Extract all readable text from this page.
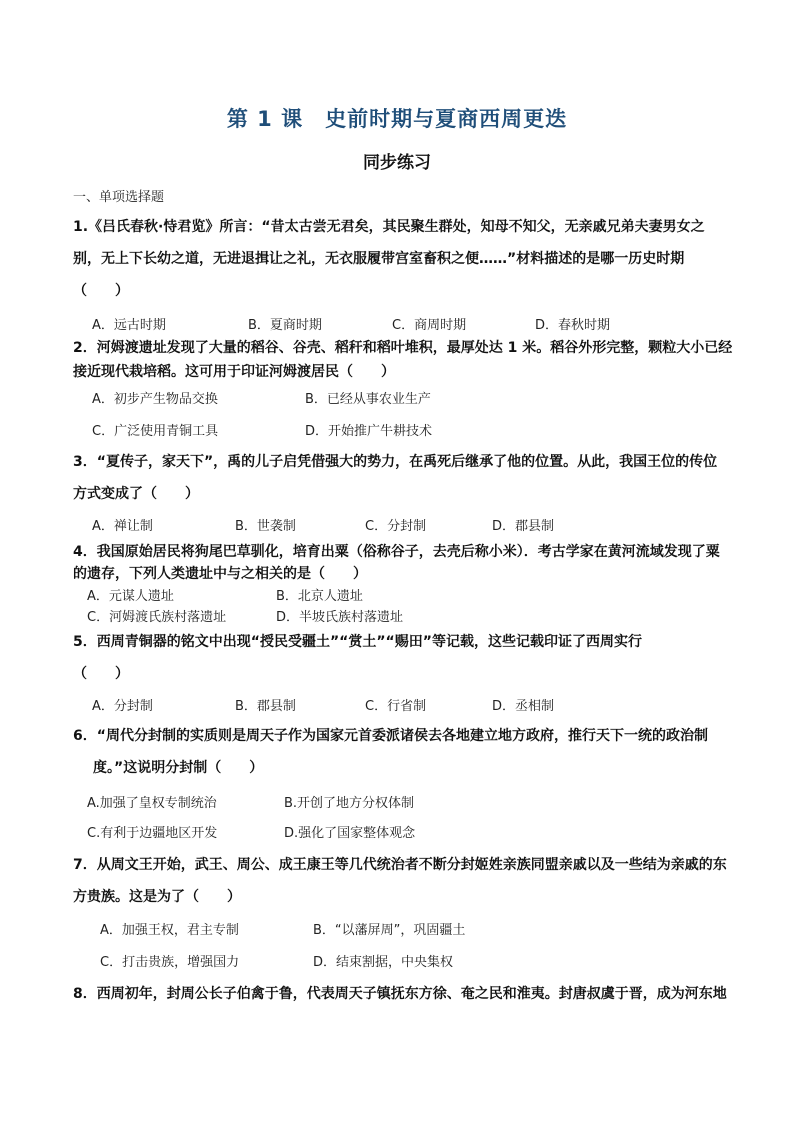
第 1 课　史前时期与夏商西周更迭
同步练习
一、单项选择题
1.《吕氏春秋·恃君览》所言：“昔太古尝无君矣，其民聚生群处，知母不知父，无亲戚兄弟夫妻男女之
别，无上下长幼之道，无进退揖让之礼，无衣服履带宫室畜积之便……”材料描述的是哪一历史时期
（　　）
A．远古时期	B．夏商时期	C．商周时期	D．春秋时期
2．河姆渡遗址发现了大量的稻谷、谷壳、稻秆和稻叶堆积，最厚处达 1 米。稻谷外形完整，颗粒大小已经
接近现代栽培稻。这可用于印证河姆渡居民（　　）
A．初步产生物品交换	B．已经从事农业生产
C．广泛使用青铜工具	D．开始推广牛耕技术
3．“夏传子，家天下”，禹的儿子启凭借强大的势力，在禹死后继承了他的位置。从此，我国王位的传位
方式变成了（　　）
A．禅让制	B．世袭制	C．分封制	D．郡县制
4．我国原始居民将狗尾巴草驯化，培育出粟（俗称谷子，去壳后称小米）．考古学家在黄河流域发现了粟
的遗存，下列人类遗址中与之相关的是（　　）
A．元谋人遗址	B．北京人遗址
C．河姆渡氏族村落遗址	D．半坡氏族村落遗址
5．西周青铜器的铭文中出现“授民受疆土”“赏土”“赐田”等记载，这些记载印证了西周实行
（　　）
A．分封制	B．郡县制	C．行省制	D．丞相制
6．“周代分封制的实质则是周天子作为国家元首委派诸侯去各地建立地方政府，推行天下一统的政治制
度。”这说明分封制（　　）
A.加强了皇权专制统治	B.开创了地方分权体制
C.有利于边疆地区开发	D.强化了国家整体观念
7．从周文王开始，武王、周公、成王康王等几代统治者不断分封姬姓亲族同盟亲戚以及一些结为亲戚的东
方贵族。这是为了（　　）
A．加强王权，君主专制	B．“以藩屏周”，巩固疆土
C．打击贵族，增强国力	D．结束割据，中央集权
8．西周初年，封周公长子伯禽于鲁，代表周天子镇抚东方徐、奄之民和淮夷。封唐叔虞于晋，成为河东地
